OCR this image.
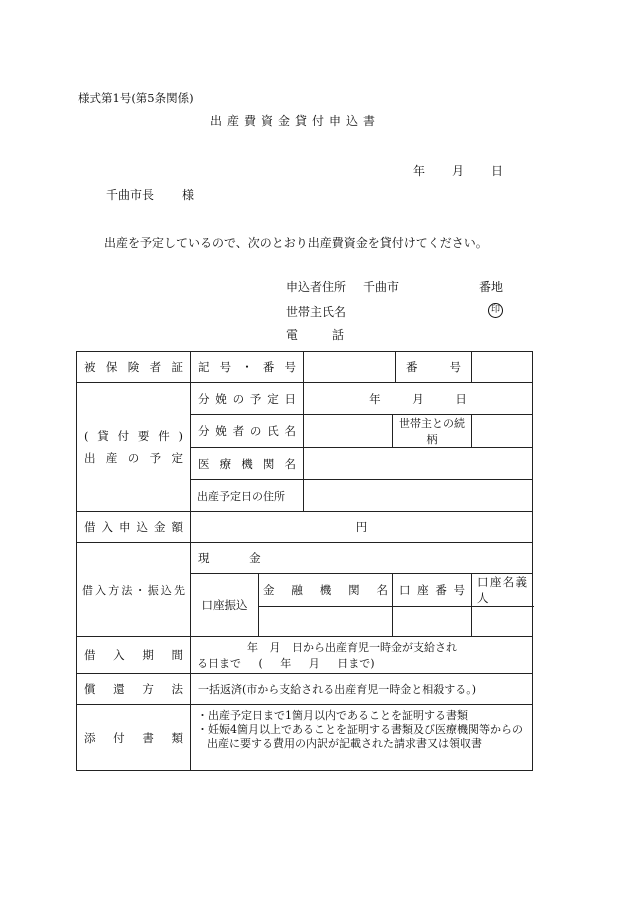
様式第1号(第5条関係)
出産費資金貸付申込書
年 月 日
千曲市長 様
出産を予定しているので、次のとおり出産費資金を貸付けてください。
申込者住所 千曲市	番地
世帯主氏名	印
電 話
被保険者証	記号・番号				番 号	

(貸付要件)
出産の予定	分娩の予定日		年 月 日			
	分娩者の氏名			世帯主との続柄		
	医療機関名					
	出産予定日の住所					
借入申込金額	円					
借入方法・振込先	現 金					
	口座振込	金融機関名		口座番号		口座名義人

借入期間	年 月 日から出産育児一時金が支給され
る日まで ( 年 月 日まで)					

償還方法	一括返済(市から支給される出産育児一時金と相殺する。)					
添付書類	・出産予定日まで1箇月以内であることを証明する書類
・妊娠4箇月以上であることを証明する書類及び医療機関等からの出産に要する費用の内訳が記載された請求書又は領収書					
